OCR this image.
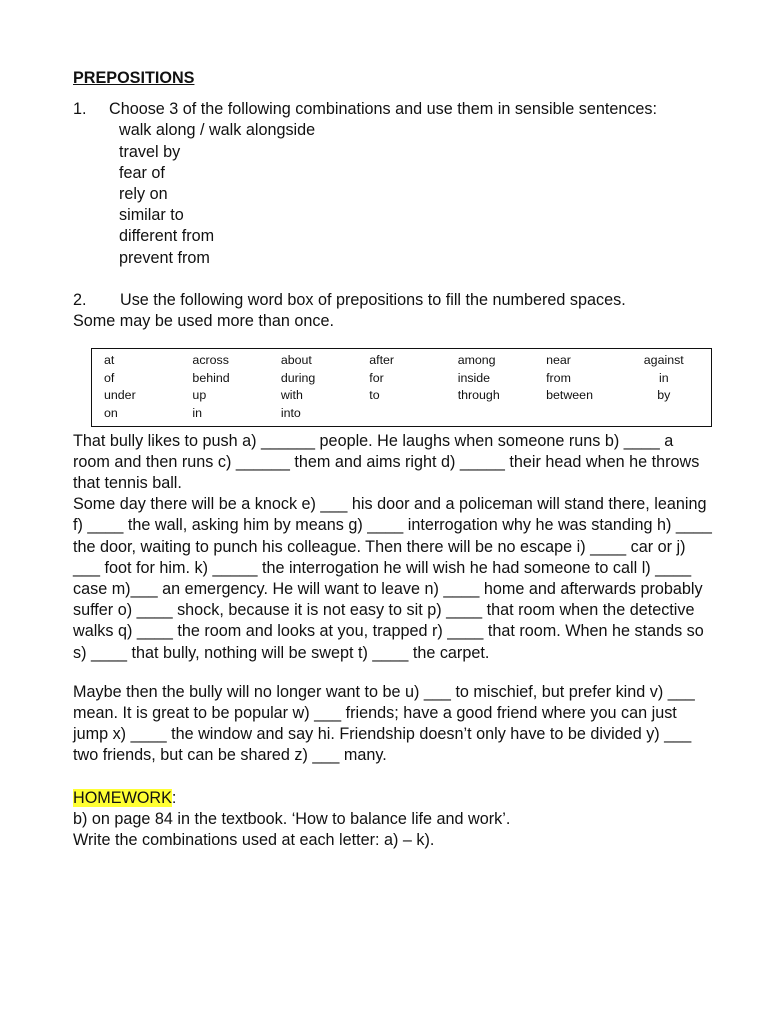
PREPOSITIONS

1. Choose 3 of the following combinations and use them in sensible sentences:

walk along / walk alongside
travel by
fear of
rely on
similar to
different from
prevent from

2. Use the following word box of prepositions to fill the numbered spaces.

Some may be used more than once.

at	across	about	after	among	near	against
of	behind	during	for	inside	from	in
under	up	with	to	through	between	by
on	in	into				

That bully likes to push a) ______ people. He laughs when someone runs b) ____ a room and then runs c) ______ them and aims right d) _____ their head when he throws that tennis ball.

Some day there will be a knock e) ___ his door and a policeman will stand there, leaning f) ____ the wall, asking him by means g) ____ interrogation why he was standing h) ____ the door, waiting to punch his colleague. Then there will be no escape i) ____ car or j) ___ foot for him. k) _____ the interrogation he will wish he had someone to call l) ____ case m)___ an emergency. He will want to leave n) ____ home and afterwards probably suffer o) ____ shock, because it is not easy to sit p) ____ that room when the detective walks q) ____ the room and looks at you, trapped r) ____ that room. When he stands so s) ____ that bully, nothing will be swept t) ____ the carpet.

Maybe then the bully will no longer want to be u) ___ to mischief, but prefer kind v) ___ mean. It is great to be popular w) ___ friends; have a good friend where you can just jump x) ____ the window and say hi. Friendship doesn’t only have to be divided y) ___ two friends, but can be shared z) ___ many.

HOMEWORK:

b) on page 84 in the textbook. ‘How to balance life and work’.

Write the combinations used at each letter: a) – k).
